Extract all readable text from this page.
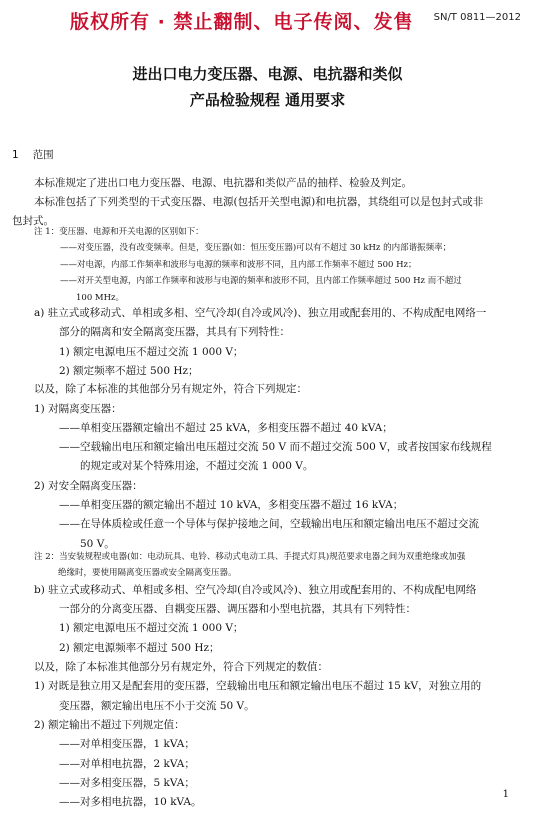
版权所有 · 禁止翻制、电子传阅、发售 SN/T 0811—2012
进出口电力变压器、电源、电抗器和类似
产品检验规程 通用要求
1 范围
本标准规定了进出口电力变压器、电源、电抗器和类似产品的抽样、检验及判定。
本标准包括了下列类型的干式变压器、电源(包括开关型电源)和电抗器，其绕组可以是包封式或非
包封式。
注 1：变压器、电源和开关电源的区别如下：
——对变压器，没有改变频率。但是，变压器(如：恒压变压器)可以有不超过 30 kHz 的内部谐振频率；
——对电源，内部工作频率和波形与电源的频率和波形不同，且内部工作频率不超过 500 Hz；
——对开关型电源，内部工作频率和波形与电源的频率和波形不同，且内部工作频率超过 500 Hz 而不超过
100 MHz。
a) 驻立式或移动式、单相或多相、空气冷却(自冷或风冷)、独立用或配套用的、不构成配电网络一
部分的隔离和安全隔离变压器，其具有下列特性：
1) 额定电源电压不超过交流 1 000 V；
2) 额定频率不超过 500 Hz；
以及，除了本标准的其他部分另有规定外，符合下列规定：
1) 对隔离变压器：
——单相变压器额定输出不超过 25 kVA，多相变压器不超过 40 kVA；
——空载输出电压和额定输出电压超过交流 50 V 而不超过交流 500 V，或者按国家布线规程
的规定或对某个特殊用途，不超过交流 1 000 V。
2) 对安全隔离变压器：
——单相变压器的额定输出不超过 10 kVA，多相变压器不超过 16 kVA；
——在导体质检或任意一个导体与保护接地之间，空载输出电压和额定输出电压不超过交流
50 V。
注 2：当安装规程或电器(如：电动玩具、电铃、移动式电动工具、手提式灯具)规范要求电器之间为双重绝缘或加强
绝缘时，要使用隔离变压器或安全隔离变压器。
b) 驻立式或移动式、单相或多相、空气冷却(自冷或风冷)、独立用或配套用的、不构成配电网络
一部分的分离变压器、自耦变压器、调压器和小型电抗器，其具有下列特性：
1) 额定电源电压不超过交流 1 000 V；
2) 额定电源频率不超过 500 Hz；
以及，除了本标准其他部分另有规定外，符合下列规定的数值：
1) 对既是独立用又是配套用的变压器，空载输出电压和额定输出电压不超过 15 kV，对独立用的
变压器，额定输出电压不小于交流 50 V。
2) 额定输出不超过下列规定值：
——对单相变压器，1 kVA；
——对单相电抗器，2 kVA；
——对多相变压器，5 kVA；
——对多相电抗器，10 kVA。
1
